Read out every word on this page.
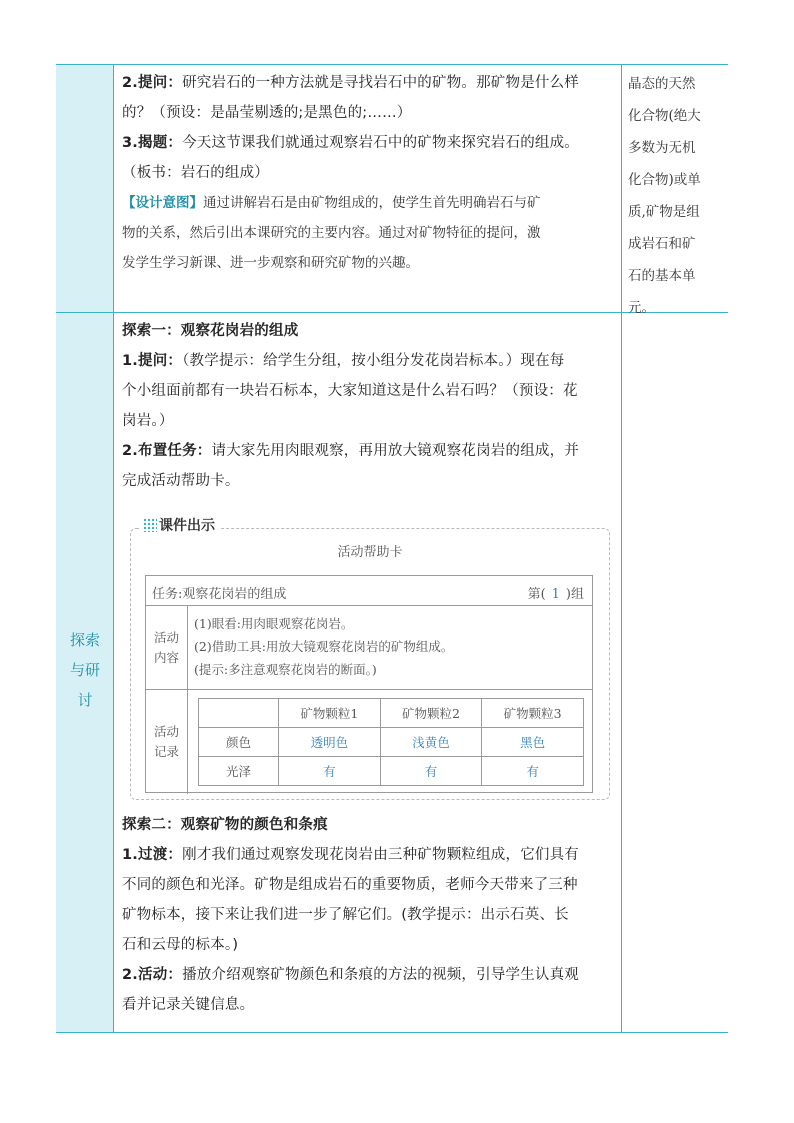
2.提问：研究岩石的一种方法就是寻找岩石中的矿物。那矿物是什么样
的？（预设：是晶莹剔透的;是黑色的;……）
3.揭题：今天这节课我们就通过观察岩石中的矿物来探究岩石的组成。
（板书：岩石的组成）
【设计意图】通过讲解岩石是由矿物组成的，使学生首先明确岩石与矿
物的关系，然后引出本课研究的主要内容。通过对矿物特征的提问，激
发学生学习新课、进一步观察和研究矿物的兴趣。
晶态的天然
化合物(绝大
多数为无机
化合物)或单
质,矿物是组
成岩石和矿
石的基本单
元。
探索
与研
讨
探索一：观察花岗岩的组成
1.提问：（教学提示：给学生分组，按小组分发花岗岩标本。）现在每
个小组面前都有一块岩石标本，大家知道这是什么岩石吗？（预设：花
岗岩。）
2.布置任务：请大家先用肉眼观察，再用放大镜观察花岗岩的组成，并
完成活动帮助卡。
课件出示
活动帮助卡
任务:观察花岗岩的组成	第( 1 )组
活动内容
(1)眼看:用肉眼观察花岗岩。
(2)借助工具:用放大镜观察花岗岩的矿物组成。
(提示:多注意观察花岗岩的断面。)
活动记录
	矿物颗粒1	矿物颗粒2	矿物颗粒3
颜色	透明色	浅黄色	黑色
光泽	有	有	有
探索二：观察矿物的颜色和条痕
1.过渡：刚才我们通过观察发现花岗岩由三种矿物颗粒组成，它们具有
不同的颜色和光泽。矿物是组成岩石的重要物质，老师今天带来了三种
矿物标本，接下来让我们进一步了解它们。(教学提示：出示石英、长
石和云母的标本。)
2.活动：播放介绍观察矿物颜色和条痕的方法的视频，引导学生认真观
看并记录关键信息。
